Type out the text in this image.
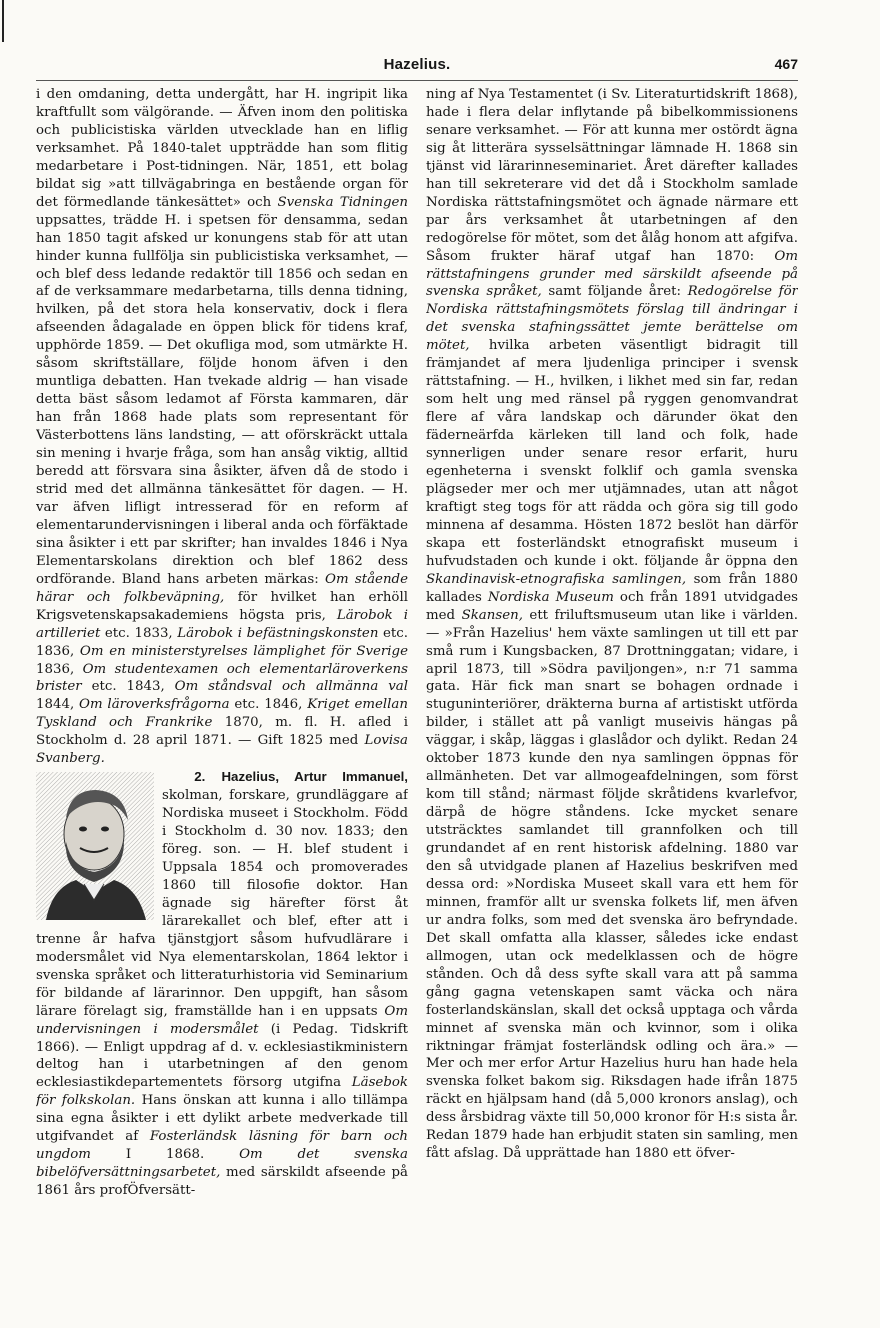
Hazelius.	467

i den omdaning, detta undergått, har H. ingripit lika kraftfullt som välgörande. — Äfven inom den politiska och publicistiska världen utvecklade han en liflig verksamhet. På 1840-talet uppträdde han som flitig medarbetare i Post-tidningen. När, 1851, ett bolag bildat sig »att tillvägabringa en bestående organ för det förmedlande tänkesättet» och Svenska Tidningen uppsattes, trädde H. i spetsen för densamma, sedan han 1850 tagit afsked ur konungens stab för att utan hinder kunna fullfölja sin publicistiska verksamhet, — och blef dess ledande redaktör till 1856 och sedan en af de verksammare medarbetarna, tills denna tidning, hvilken, på det stora hela konservativ, dock i flera afseenden ådagalade en öppen blick för tidens kraf, upphörde 1859. — Det okufliga mod, som utmärkte H. såsom skriftställare, följde honom äfven i den muntliga debatten. Han tvekade aldrig — han visade detta bäst såsom ledamot af Första kammaren, där han från 1868 hade plats som representant för Västerbottens läns landsting, — att oförskräckt uttala sin mening i hvarje fråga, som han ansåg viktig, alltid beredd att försvara sina åsikter, äfven då de stodo i strid med det allmänna tänkesättet för dagen. — H. var äfven lifligt intresserad för en reform af elementarundervisningen i liberal anda och förfäktade sina åsikter i ett par skrifter; han invaldes 1846 i Nya Elementarskolans direktion och blef 1862 dess ordförande. Bland hans arbeten märkas: Om stående härar och folkbeväpning, för hvilket han erhöll Krigsvetenskapsakademiens högsta pris, Lärobok i artilleriet etc. 1833, Lärobok i befästningskonsten etc. 1836, Om en ministerstyrelses lämplighet för Sverige 1836, Om studentexamen och elementarläroverkens brister etc. 1843, Om ståndsval och allmänna val 1844, Om läroverksfrågorna etc. 1846, Kriget emellan Tyskland och Frankrike 1870, m. fl. H. afled i Stockholm d. 28 april 1871. — Gift 1825 med Lovisa Svanberg.

2. Hazelius, Artur Immanuel,
skolman, forskare, grundläggare af Nordiska museet i Stockholm. Född i Stockholm d. 30 nov. 1833; den föreg. son. — H. blef student i Uppsala 1854 och promoverades 1860 till filosofie doktor. Han ägnade sig härefter först åt lärarekallet och blef, efter att i trenne år hafva tjänstgjort såsom hufvudlärare i modersmålet vid Nya elementarskolan, 1864 lektor i svenska språket och litteraturhistoria vid Seminarium för bildande af lärarinnor. Den uppgift, han såsom lärare förelagt sig, framställde han i en uppsats Om undervisningen i modersmålet (i Pedag. Tidskrift 1866). — Enligt uppdrag af d. v. ecklesiastikministern deltog han i utarbetningen af den genom ecklesiastikdepartementets försorg utgifna Läsebok för folkskolan. Hans önskan att kunna i allo tillämpa sina egna åsikter i ett dylikt arbete medverkade till utgifvandet af Fosterländsk läsning för barn och ungdom I 1868. Om det svenska bibelöfversättningsarbetet, med särskildt afseende på 1861 års profÖfversätt-

ning af Nya Testamentet (i Sv. Literaturtidskrift 1868), hade i flera delar inflytande på bibelkommissionens senare verksamhet. — För att kunna mer ostördt ägna sig åt litterära sysselsättningar lämnade H. 1868 sin tjänst vid lärarinneseminariet. Året därefter kallades han till sekreterare vid det då i Stockholm samlade Nordiska rättstafningsmötet och ägnade närmare ett par års verksamhet åt utarbetningen af den redogörelse för mötet, som det ålåg honom att afgifva. Såsom frukter häraf utgaf han 1870: Om rättstafningens grunder med särskildt afseende på svenska språket, samt följande året: Redogörelse för Nordiska rättstafningsmötets förslag till ändringar i det svenska stafningssättet jemte berättelse om mötet, hvilka arbeten väsentligt bidragit till främjandet af mera ljudenliga principer i svensk rättstafning. — H., hvilken, i likhet med sin far, redan som helt ung med ränsel på ryggen genomvandrat flere af våra landskap och därunder ökat den fäderneärfda kärleken till land och folk, hade synnerligen under senare resor erfarit, huru egenheterna i svenskt folklif och gamla svenska plägseder mer och mer utjämnades, utan att något kraftigt steg togs för att rädda och göra sig till godo minnena af desamma. Hösten 1872 beslöt han därför skapa ett fosterländskt etnografiskt museum i hufvudstaden och kunde i okt. följande år öppna den Skandinavisk-etnografiska samlingen, som från 1880 kallades Nordiska Museum och från 1891 utvidgades med Skansen, ett friluftsmuseum utan like i världen. — »Från Hazelius' hem växte samlingen ut till ett par små rum i Kungsbacken, 87 Drottninggatan; vidare, i april 1873, till »Södra paviljongen», n:r 71 samma gata. Här fick man snart se bohagen ordnade i stuguninteriörer, dräkterna burna af artistiskt utförda bilder, i stället att på vanligt museivis hängas på väggar, i skåp, läggas i glaslådor och dylikt. Redan 24 oktober 1873 kunde den nya samlingen öppnas för allmänheten. Det var allmogeafdelningen, som först kom till stånd; närmast följde skråtidens kvarlefvor, därpå de högre ståndens. Icke mycket senare utsträcktes samlandet till grannfolken och till grundandet af en rent historisk afdelning. 1880 var den så utvidgade planen af Hazelius beskrifven med dessa ord: »Nordiska Museet skall vara ett hem för minnen, framför allt ur svenska folkets lif, men äfven ur andra folks, som med det svenska äro befryndade. Det skall omfatta alla klasser, således icke endast allmogen, utan ock medelklassen och de högre stånden. Och då dess syfte skall vara att på samma gång gagna vetenskapen samt väcka och nära fosterlandskänslan, skall det också upptaga och vårda minnet af svenska män och kvinnor, som i olika riktningar främjat fosterländsk odling och ära.» — Mer och mer erfor Artur Hazelius huru han hade hela svenska folket bakom sig. Riksdagen hade ifrån 1875 räckt en hjälpsam hand (då 5,000 kronors anslag), och dess årsbidrag växte till 50,000 kronor för H:s sista år. Redan 1879 hade han erbjudit staten sin samling, men fått afslag. Då upprättade han 1880 ett öfver-
